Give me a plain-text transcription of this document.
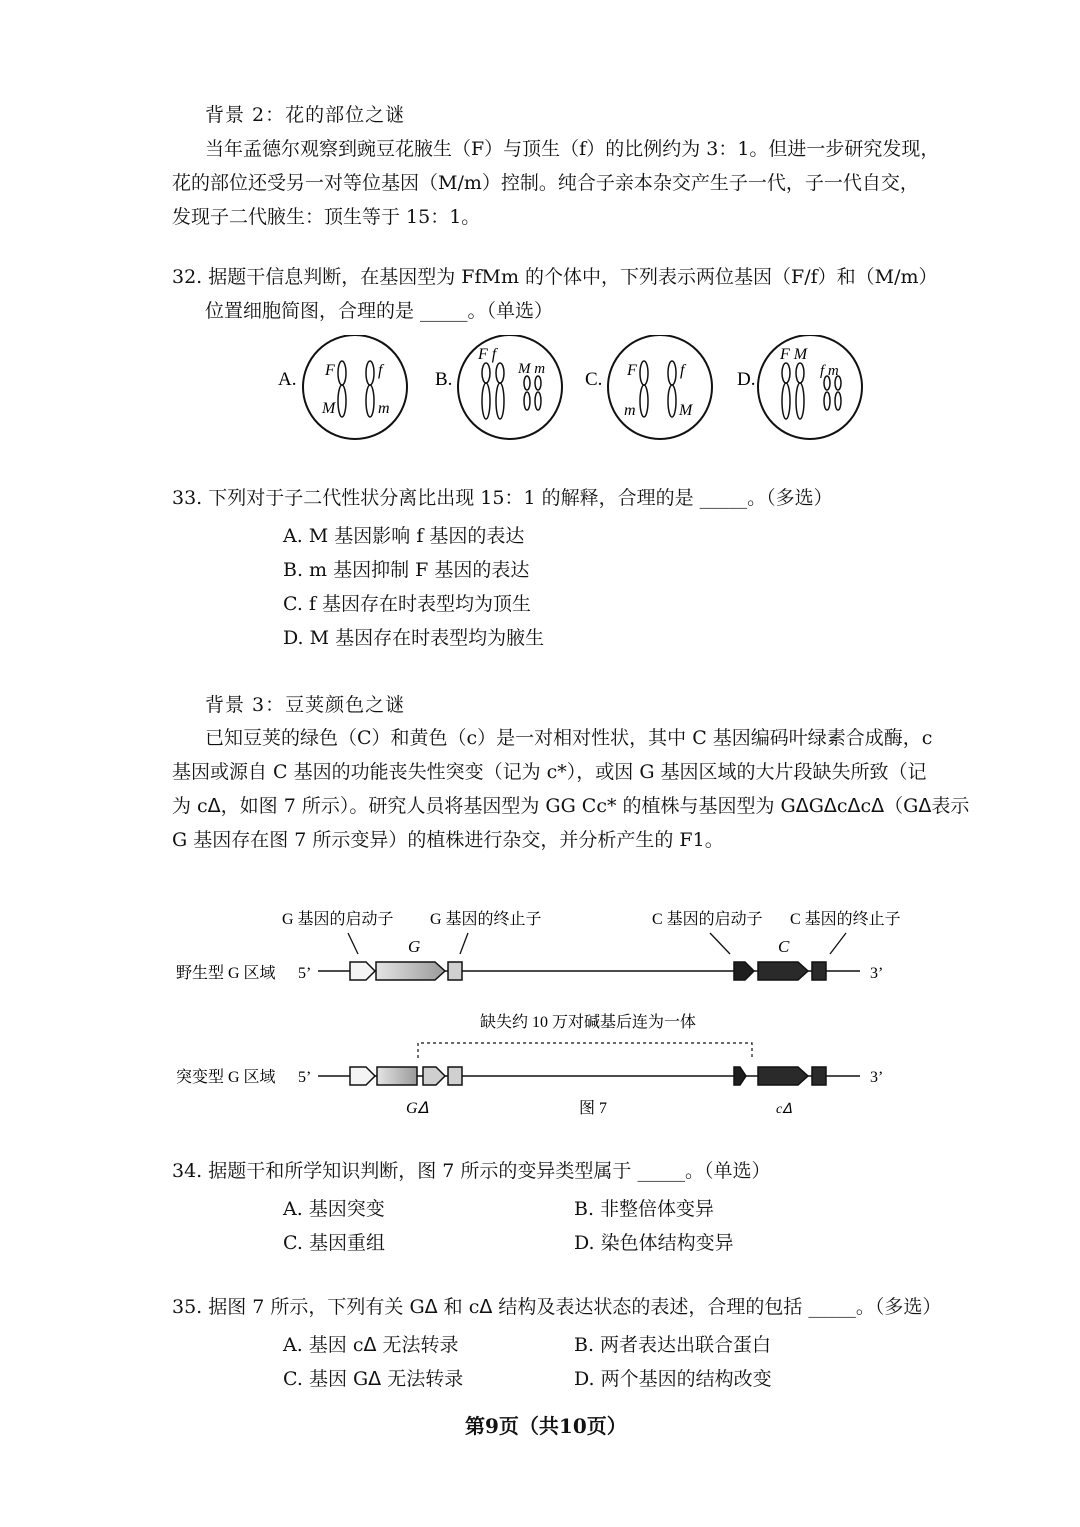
背景 2：花的部位之谜
当年孟德尔观察到豌豆花腋生（F）与顶生（f）的比例约为 3：1。但进一步研究发现，
花的部位还受另一对等位基因（M/m）控制。纯合子亲本杂交产生子一代，子一代自交，
发现子二代腋生：顶生等于 15：1。
32. 据题干信息判断，在基因型为 FfMm 的个体中，下列表示两位基因（F/f）和（M/m）
位置细胞简图，合理的是 _____。（单选）
A. F	f
M	m
B.
F f
M m C. F	f
m	M
D.
F M
f m
33. 下列对于子二代性状分离比出现 15：1 的解释，合理的是 _____。（多选）
A. M 基因影响 f 基因的表达
B. m 基因抑制 F 基因的表达
C. f 基因存在时表型均为顶生
D. M 基因存在时表型均为腋生
背景 3：豆荚颜色之谜
已知豆荚的绿色（C）和黄色（c）是一对相对性状，其中 C 基因编码叶绿素合成酶，c
基因或源自 C 基因的功能丧失性突变（记为 c*），或因 G 基因区域的大片段缺失所致（记
为 cᐃ，如图 7 所示）。研究人员将基因型为 GG Cc* 的植株与基因型为 GᐃGᐃcᐃcᐃ（Gᐃ表示
G 基因存在图 7 所示变异）的植株进行杂交，并分析产生的 F1。
G 基因的启动子 G 基因的终止子	C 基因的启动子 C 基因的终止子
G	C
野生型 G 区域 5’	3’
缺失约 10 万对碱基后连为一体
突变型 G 区域 5’	3’
Gᐃ	图 7	cᐃ
34. 据题干和所学知识判断，图 7 所示的变异类型属于 _____。（单选）
A. 基因突变	B. 非整倍体变异
C. 基因重组	D. 染色体结构变异
35. 据图 7 所示，下列有关 Gᐃ 和 cᐃ 结构及表达状态的表述，合理的包括 _____。（多选）
A. 基因 cᐃ 无法转录	B. 两者表达出联合蛋白
C. 基因 Gᐃ 无法转录	D. 两个基因的结构改变
第9页（共10页）
